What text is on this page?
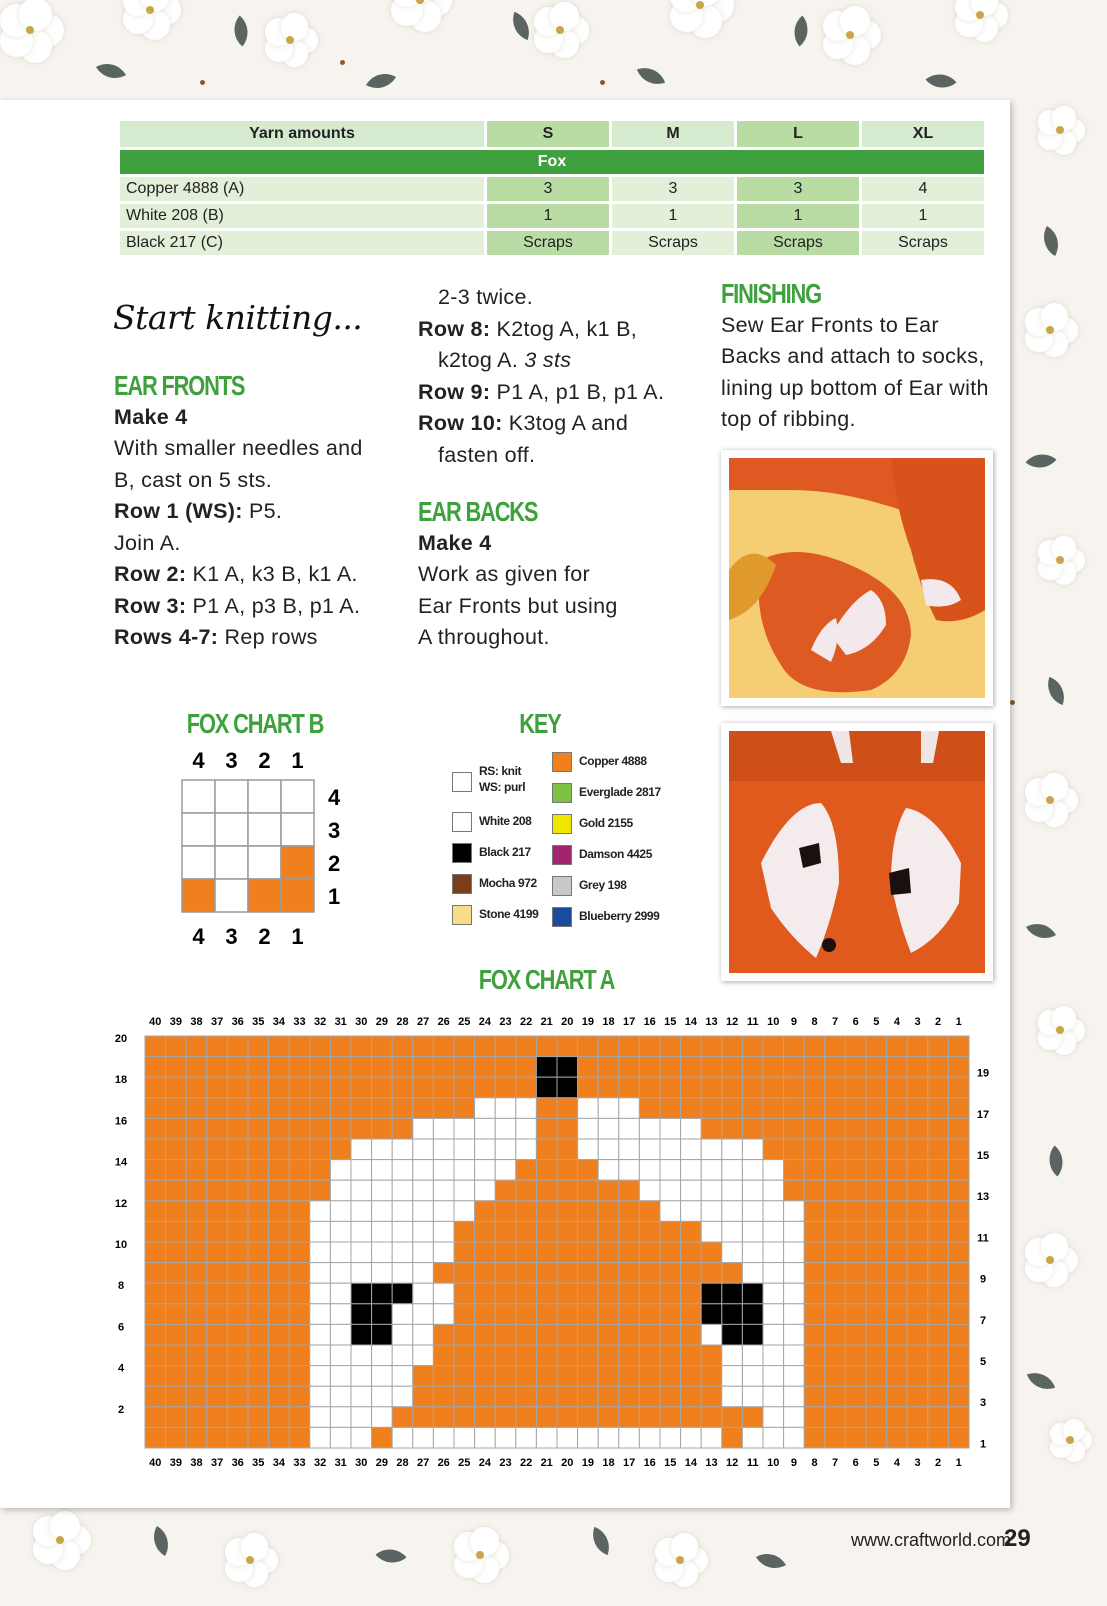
Yarn amounts	S	M	L	XL
Fox				
Copper 4888 (A)	3	3	3	4
White 208 (B)	1	1	1	1
Black 217 (C)	Scraps	Scraps	Scraps	Scraps
Start knitting...
EAR FRONTS

Make 4

With smaller needles and

B, cast on 5 sts.

Row 1 (WS): P5.

Join A.

Row 2: K1 A, k3 B, k1 A.

Row 3: P1 A, p3 B, p1 A.

Rows 4-7: Rep rows

2-3 twice.

Row 8: K2tog A, k1 B,

k2tog A. 3 sts

Row 9: P1 A, p1 B, p1 A.

Row 10: K3tog A and

fasten off.

EAR BACKS

Make 4

Work as given for

Ear Fronts but using

A throughout.

FINISHING

Sew Ear Fronts to Ear

Backs and attach to socks,

lining up bottom of Ear with

top of ribbing.

FOX CHART B
4
4
3
3
2
2
1
1
4
3
2
1
KEY
RS: knit
WS: purl
White 208
Black 217
Mocha 972
Stone 4199
Copper 4888
Everglade 2817
Gold 2155
Damson 4425
Grey 198
Blueberry 2999
FOX CHART A
40
40
39
39
38
38
37
37
36
36
35
35
34
34
33
33
32
32
31
31
30
30
29
29
28
28
27
27
26
26
25
25
24
24
23
23
22
22
21
21
20
20
19
19
18
18
17
17
16
16
15
15
14
14
13
13
12
12
11
11
10
10
9
9
8
8
7
7
6
6
5
5
4
4
3
3
2
2
1
1
20
18
16
14
12
10
8
6
4
2
19
17
15
13
11
9
7
5
3
1
www.craftworld.com
29
